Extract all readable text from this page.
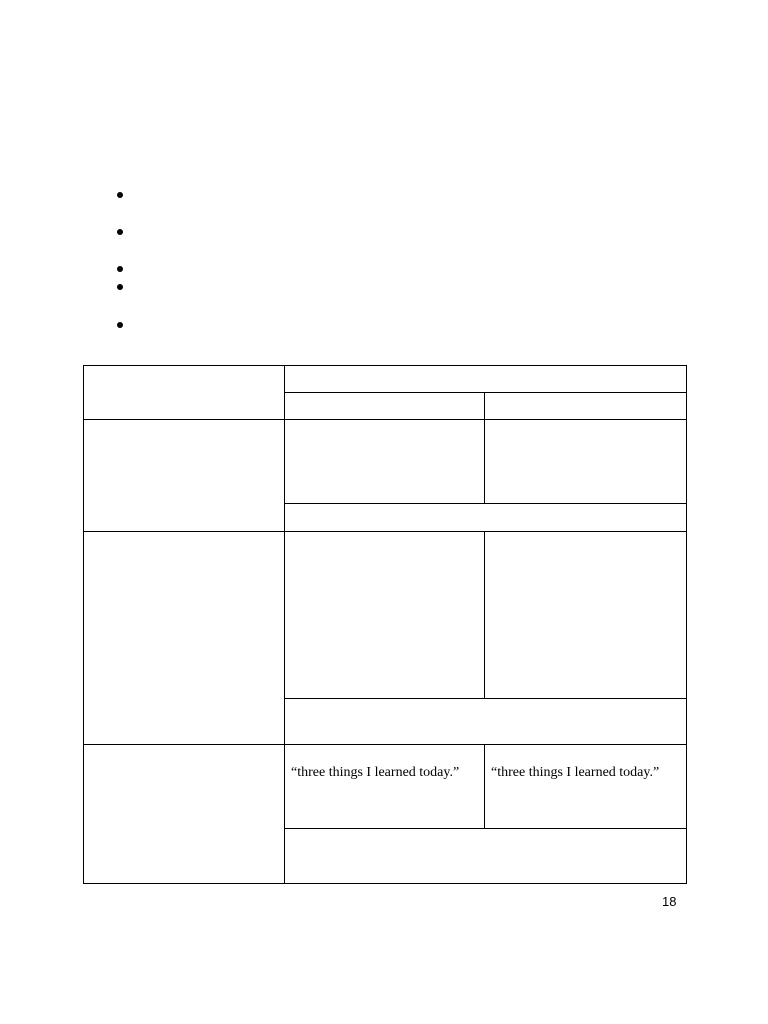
	“three things I learned today.”	“three things I learned today.”

18
